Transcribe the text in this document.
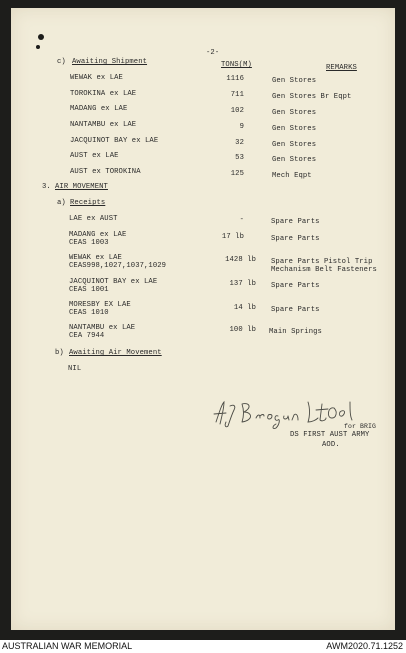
-2-
c) Awaiting Shipment	TONS(M)	REMARKS
WEWAK ex LAE	1116	Gen Stores
TOROKINA ex LAE	711	Gen Stores Br Eqpt
MADANG ex LAE	102	Gen Stores
NANTAMBU ex LAE	9	Gen Stores
JACQUINOT BAY ex LAE	32	Gen Stores
AUST ex LAE	53	Gen Stores
AUST ex TOROKINA	125	Mech Eqpt
3. AIR MOVEMENT
a) Receipts
LAE ex AUST	-	Spare Parts
MADANG ex LAE
CEAS 1003
17 lb	Spare Parts
WEWAK ex LAE
CEAS998,1027,1037,1029
1428 lb Spare Parts Pistol Trip
Mechanism Belt Fasteners
JACQUINOT BAY ex LAE
CEAS 1001
137 lb Spare Parts
MORESBY EX LAE
CEAS 1010
14 lb Spare Parts
NANTAMBU ex LAE
CEA 7944
100 lb Main Springs
b) Awaiting Air Movement
NIL
for BRIG
DS FIRST AUST ARMY
AOD.
AUSTRALIAN WAR MEMORIAL	AWM2020.71.1252
